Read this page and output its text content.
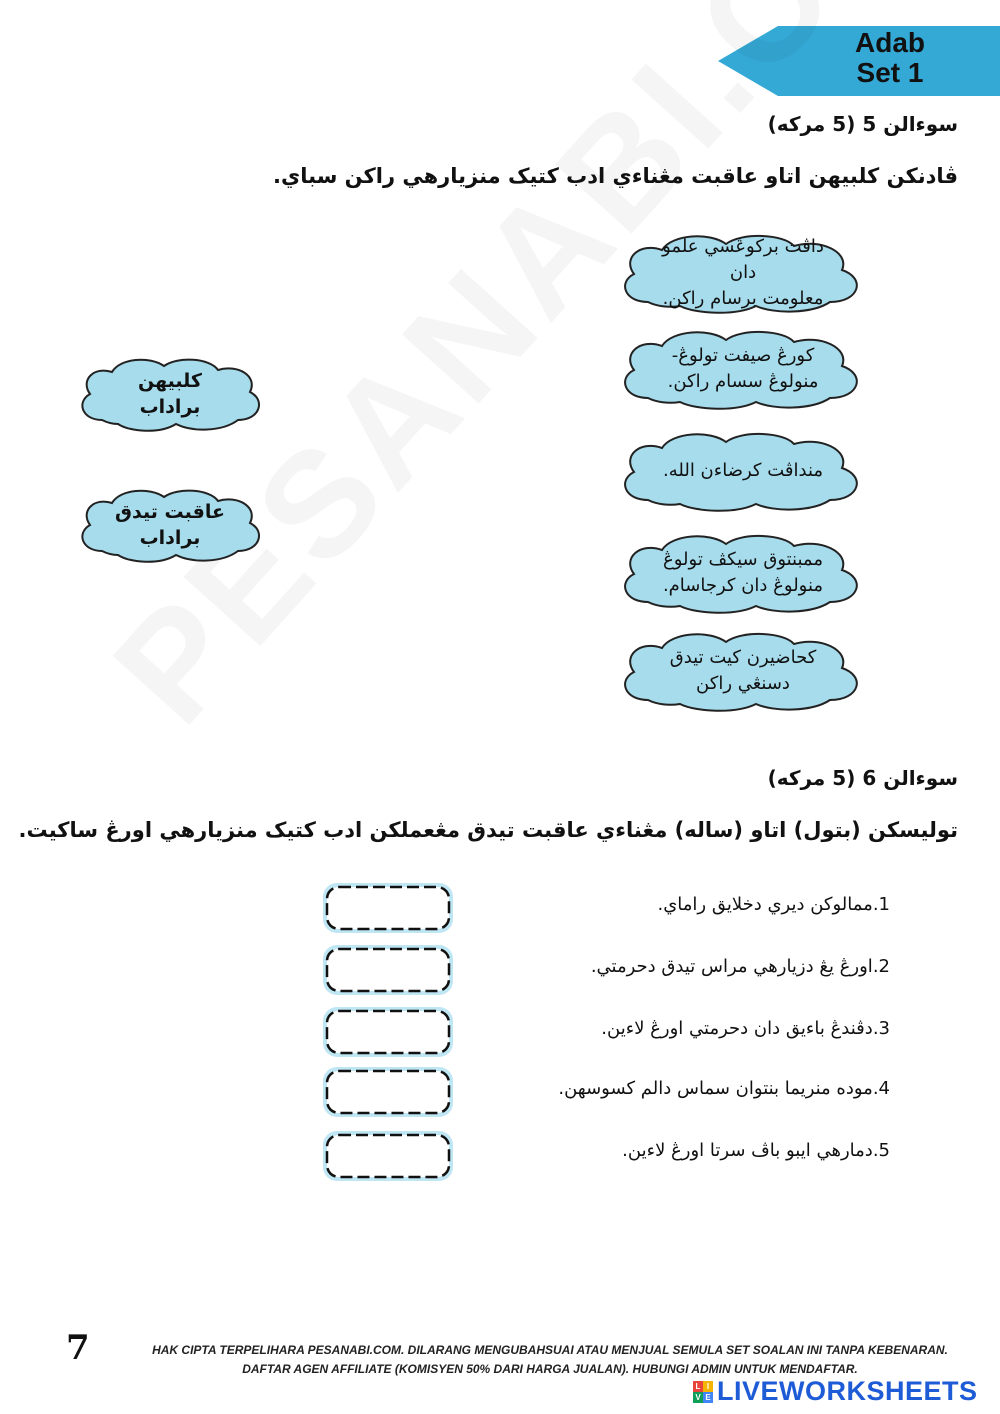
Adab
Set 1
سوءالن 5 (5 مرکه)
ڤادنکن کلبيهن اتاو عاقبت مڠناءي ادب کتيک منزيارهي راکن سباي.
کلبيهن براداب
عاقبت تيدق براداب
داڤت برکوڠسي علمو دان
معلومت برسام راکن.
کورڠ صيفت تولوڠ-
منولوڠ سسام راکن.
منداڤت کرضاءن الله.
ممبنتوق سيکڤ تولوڠ
منولوڠ دان کرجاسام.
کحاضيرن کيت تيدق
دسنڠي راکن
سوءالن 6 (5 مرکه)
توليسکن (بتول) اتاو (ساله) مڠناءي عاقبت تيدق مڠعملکن ادب کتيک منزيارهي اورڠ ساکيت.
1.ممالوکن ديري دخلايق راماي.
2.اورڠ يڠ دزيارهي مراس تيدق دحرمتي.
3.دڤندڠ باءيق دان دحرمتي اورڠ لاءين.
4.موده منريما بنتوان سماس دالم کسوسهن.
5.دمارهي ايبو باڤ سرتا اورڠ لاءين.
7	HAK CIPTA TERPELIHARA PESANABI.COM. DILARANG MENGUBAHSUAI ATAU MENJUAL SEMULA SET SOALAN INI TANPA KEBENARAN.
DAFTAR AGEN AFFILIATE (KOMISYEN 50% DARI HARGA JUALAN). HUBUNGI ADMIN UNTUK MENDAFTAR.
L I
V E LIVEWORKSHEETS
